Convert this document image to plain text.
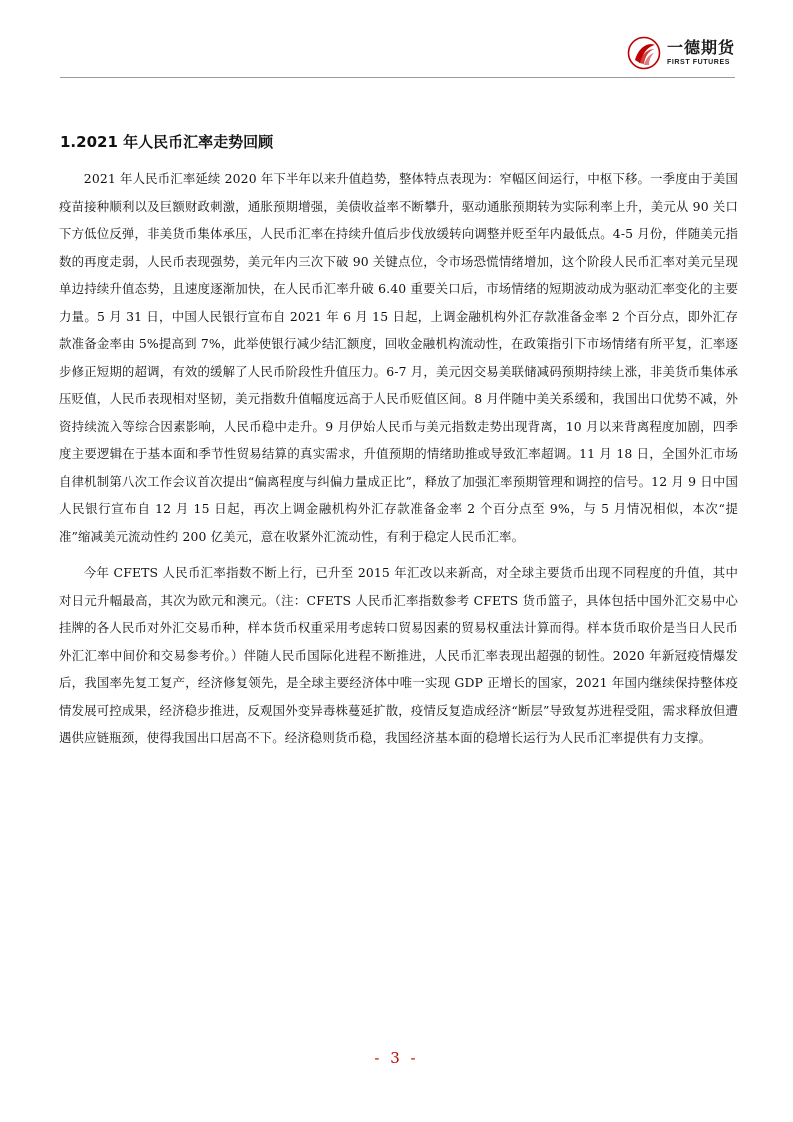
一德期货
FIRST FUTURES
1.2021 年人民币汇率走势回顾

2021 年人民币汇率延续 2020 年下半年以来升值趋势，整体特点表现为：窄幅区间运行，中枢下移。一季度由于美国疫苗接种顺利以及巨额财政刺激，通胀预期增强，美债收益率不断攀升，驱动通胀预期转为实际利率上升，美元从 90 关口下方低位反弹，非美货币集体承压，人民币汇率在持续升值后步伐放缓转向调整并贬至年内最低点。4-5 月份，伴随美元指数的再度走弱，人民币表现强势，美元年内三次下破 90 关键点位，令市场恐慌情绪增加，这个阶段人民币汇率对美元呈现单边持续升值态势，且速度逐渐加快，在人民币汇率升破 6.40 重要关口后，市场情绪的短期波动成为驱动汇率变化的主要力量。5 月 31 日，中国人民银行宣布自 2021 年 6 月 15 日起，上调金融机构外汇存款准备金率 2 个百分点，即外汇存款准备金率由 5%提高到 7%，此举使银行减少结汇额度，回收金融机构流动性，在政策指引下市场情绪有所平复，汇率逐步修正短期的超调，有效的缓解了人民币阶段性升值压力。6-7 月，美元因交易美联储减码预期持续上涨，非美货币集体承压贬值，人民币表现相对坚韧，美元指数升值幅度远高于人民币贬值区间。8 月伴随中美关系缓和，我国出口优势不减，外资持续流入等综合因素影响，人民币稳中走升。9 月伊始人民币与美元指数走势出现背离，10 月以来背离程度加剧，四季度主要逻辑在于基本面和季节性贸易结算的真实需求，升值预期的情绪助推或导致汇率超调。11 月 18 日，全国外汇市场自律机制第八次工作会议首次提出“偏离程度与纠偏力量成正比”，释放了加强汇率预期管理和调控的信号。12 月 9 日中国人民银行宣布自 12 月 15 日起，再次上调金融机构外汇存款准备金率 2 个百分点至 9%，与 5 月情况相似，本次“提准”缩减美元流动性约 200 亿美元，意在收紧外汇流动性，有利于稳定人民币汇率。

今年 CFETS 人民币汇率指数不断上行，已升至 2015 年汇改以来新高，对全球主要货币出现不同程度的升值，其中对日元升幅最高，其次为欧元和澳元。（注：CFETS 人民币汇率指数参考 CFETS 货币篮子，具体包括中国外汇交易中心挂牌的各人民币对外汇交易币种，样本货币权重采用考虑转口贸易因素的贸易权重法计算而得。样本货币取价是当日人民币外汇汇率中间价和交易参考价。）伴随人民币国际化进程不断推进，人民币汇率表现出超强的韧性。2020 年新冠疫情爆发后，我国率先复工复产，经济修复领先，是全球主要经济体中唯一实现 GDP 正增长的国家，2021 年国内继续保持整体疫情发展可控成果，经济稳步推进，反观国外变异毒株蔓延扩散，疫情反复造成经济“断层”导致复苏进程受阻，需求释放但遭遇供应链瓶颈，使得我国出口居高不下。经济稳则货币稳，我国经济基本面的稳增长运行为人民币汇率提供有力支撑。

- 3 -
